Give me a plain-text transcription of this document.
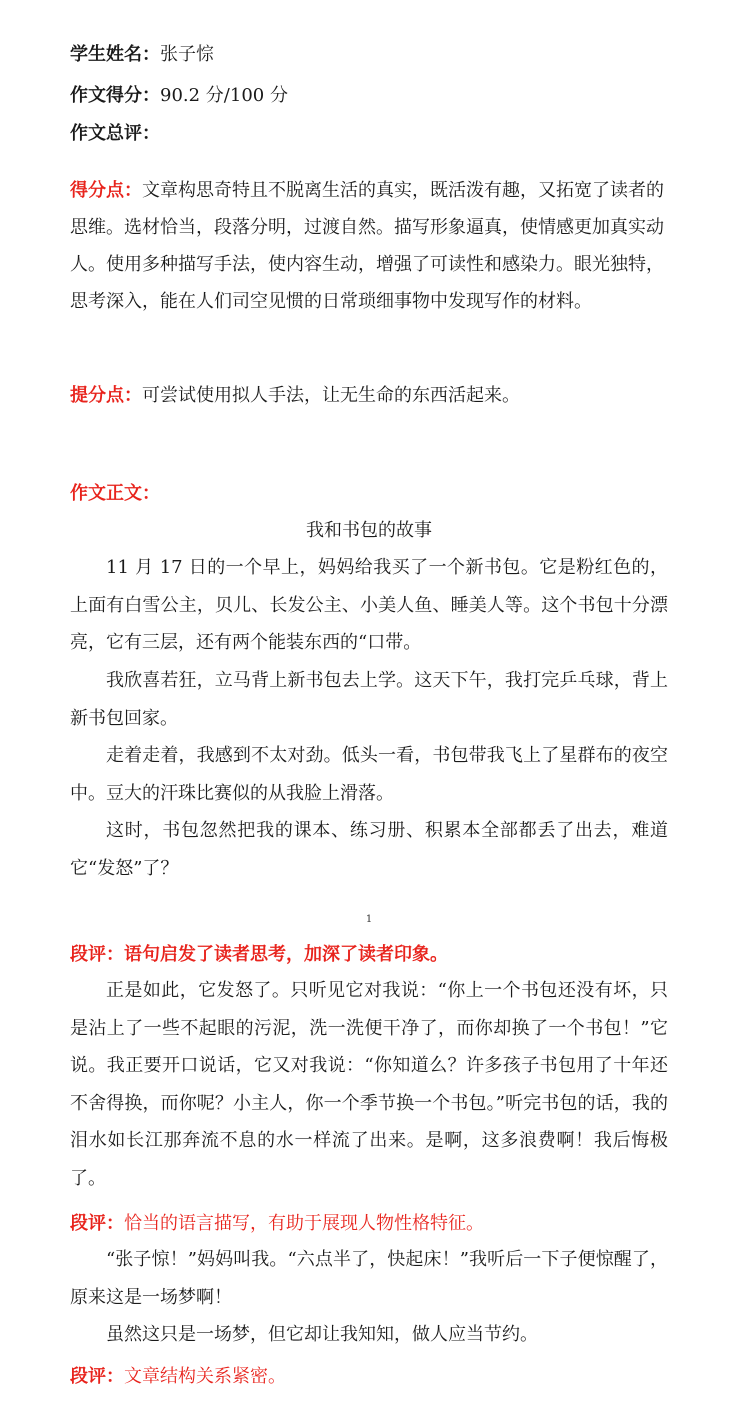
学生姓名：张子悰
作文得分：90.2 分/100 分
作文总评：
得分点：文章构思奇特且不脱离生活的真实，既活泼有趣，又拓宽了读者的思维。选材恰当，段落分明，过渡自然。描写形象逼真，使情感更加真实动人。使用多种描写手法，使内容生动，增强了可读性和感染力。眼光独特，思考深入，能在人们司空见惯的日常琐细事物中发现写作的材料。
提分点：可尝试使用拟人手法，让无生命的东西活起来。
作文正文：
我和书包的故事
11 月 17 日的一个早上，妈妈给我买了一个新书包。它是粉红色的，上面有白雪公主，贝儿、长发公主、小美人鱼、睡美人等。这个书包十分漂亮，它有三层，还有两个能装东西的“口带。
我欣喜若狂，立马背上新书包去上学。这天下午，我打完乒乓球，背上新书包回家。
走着走着，我感到不太对劲。低头一看，书包带我飞上了星群布的夜空中。豆大的汗珠比赛似的从我脸上滑落。
这时，书包忽然把我的课本、练习册、积累本全部都丢了出去，难道它“发怒”了？
1
段评：语句启发了读者思考，加深了读者印象。
正是如此，它发怒了。只听见它对我说：“你上一个书包还没有坏，只是沾上了一些不起眼的污泥，洗一洗便干净了，而你却换了一个书包！”它说。我正要开口说话，它又对我说：“你知道么？许多孩子书包用了十年还不舍得换，而你呢？小主人，你一个季节换一个书包。”听完书包的话，我的泪水如长江那奔流不息的水一样流了出来。是啊，这多浪费啊！我后悔极了。
段评：恰当的语言描写，有助于展现人物性格特征。
“张子惊！”妈妈叫我。“六点半了，快起床！”我听后一下子便惊醒了，原来这是一场梦啊！
虽然这只是一场梦，但它却让我知知，做人应当节约。
段评：文章结构关系紧密。
